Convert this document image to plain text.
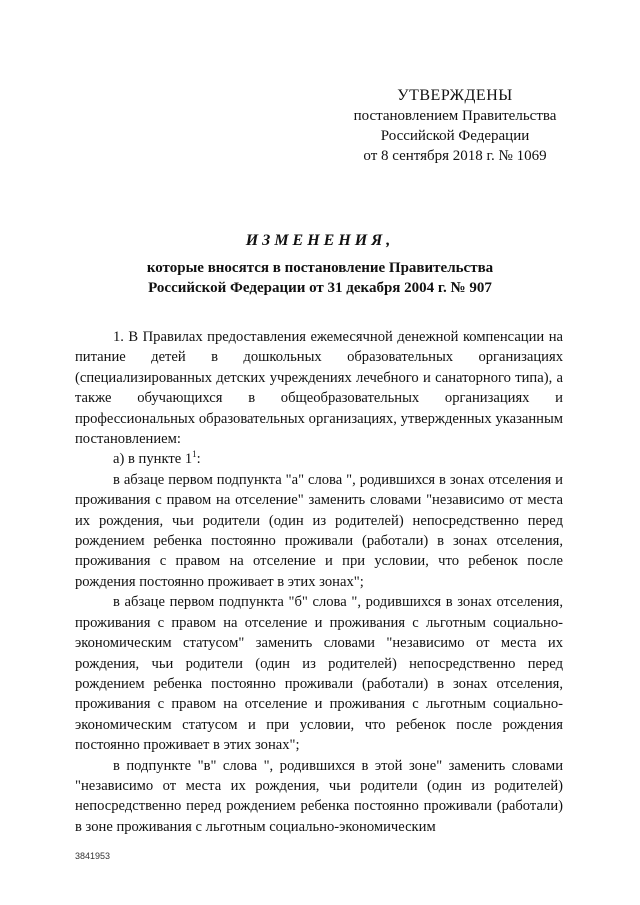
УТВЕРЖДЕНЫ
постановлением Правительства
Российской Федерации
от 8 сентября 2018 г. № 1069
ИЗМЕНЕНИЯ,
которые вносятся в постановление Правительства
Российской Федерации от 31 декабря 2004 г. № 907

1. В Правилах предоставления ежемесячной денежной компенсации на питание детей в дошкольных образовательных организациях (специализированных детских учреждениях лечебного и санаторного типа), а также обучающихся в общеобразовательных организациях и профессиональных образовательных организациях, утвержденных указанным постановлением:

а) в пункте $1^1$:

в абзаце первом подпункта "а" слова ", родившихся в зонах отселения и проживания с правом на отселение" заменить словами "независимо от места их рождения, чьи родители (один из родителей) непосредственно перед рождением ребенка постоянно проживали (работали) в зонах отселения, проживания с правом на отселение и при условии, что ребенок после рождения постоянно проживает в этих зонах";

в абзаце первом подпункта "б" слова ", родившихся в зонах отселения, проживания с правом на отселение и проживания с льготным социально-экономическим статусом" заменить словами "независимо от места их рождения, чьи родители (один из родителей) непосредственно перед рождением ребенка постоянно проживали (работали) в зонах отселения, проживания с правом на отселение и проживания с льготным социально-экономическим статусом и при условии, что ребенок после рождения постоянно проживает в этих зонах";

в подпункте "в" слова ", родившихся в этой зоне" заменить словами "независимо от места их рождения, чьи родители (один из родителей) непосредственно перед рождением ребенка постоянно проживали (работали) в зоне проживания с льготным социально-экономическим

3841953
